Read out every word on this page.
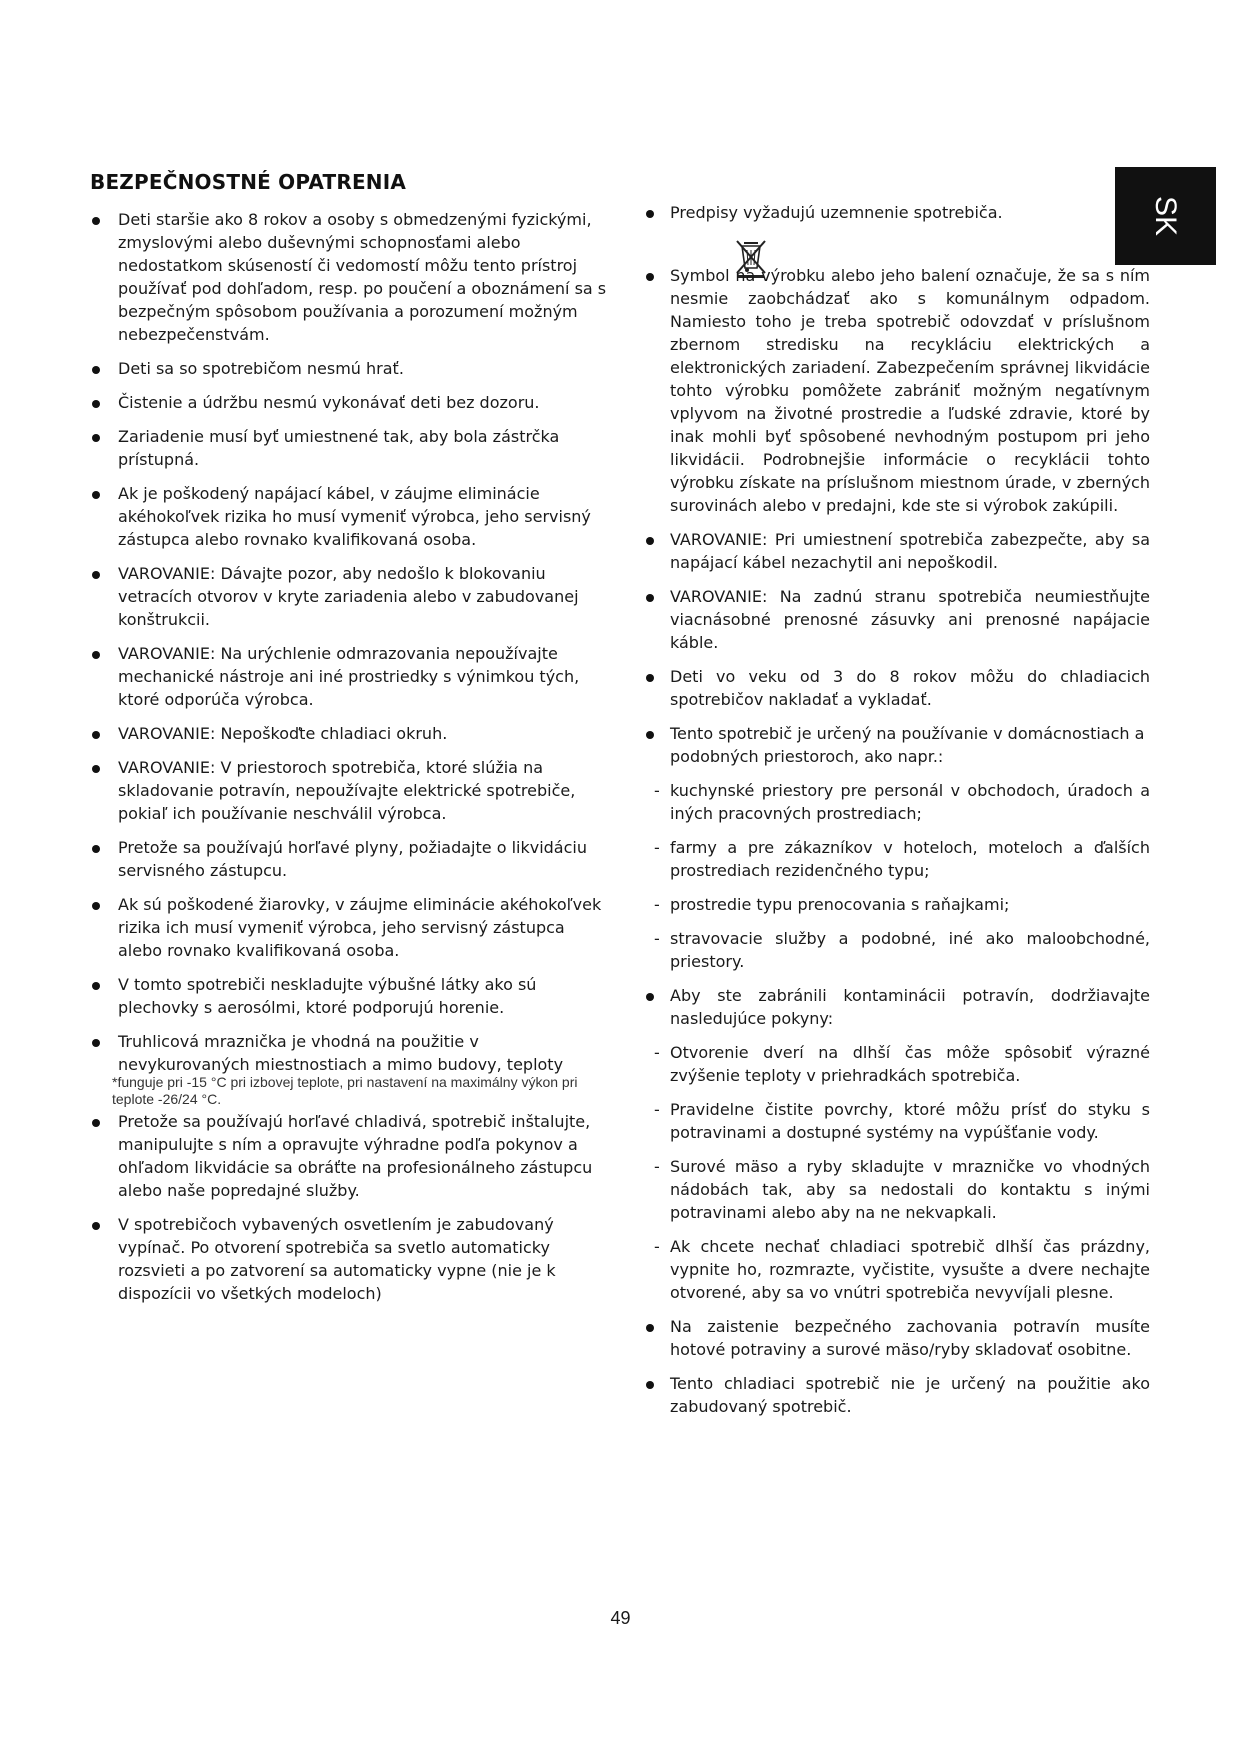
BEZPEČNOSTNÉ OPATRENIA
SK
Deti staršie ako 8 rokov a osoby s obmedzenými fyzickými, zmyslovými alebo duševnými schopnosťami alebo nedostatkom skúseností či vedomostí môžu tento prístroj používať pod dohľadom, resp. po poučení a oboznámení sa s bezpečným spôsobom používania a porozumení možným nebezpečenstvám.
Deti sa so spotrebičom nesmú hrať.
Čistenie a údržbu nesmú vykonávať deti bez dozoru.
Zariadenie musí byť umiestnené tak, aby bola zástrčka prístupná.
Ak je poškodený napájací kábel, v záujme eliminácie akéhokoľvek rizika ho musí vymeniť výrobca, jeho servisný zástupca alebo rovnako kvalifikovaná osoba.
VAROVANIE: Dávajte pozor, aby nedošlo k blokovaniu vetracích otvorov v kryte zariadenia alebo v zabudovanej konštrukcii.
VAROVANIE: Na urýchlenie odmrazovania nepoužívajte mechanické nástroje ani iné prostriedky s výnimkou tých, ktoré odporúča výrobca.
VAROVANIE: Nepoškoďte chladiaci okruh.
VAROVANIE: V priestoroch spotrebiča, ktoré slúžia na skladovanie potravín, nepoužívajte elektrické spotrebiče, pokiaľ ich používanie neschválil výrobca.
Pretože sa používajú horľavé plyny, požiadajte o likvidáciu servisného zástupcu.
Ak sú poškodené žiarovky, v záujme eliminácie akéhokoľvek rizika ich musí vymeniť výrobca, jeho servisný zástupca alebo rovnako kvalifikovaná osoba.
V tomto spotrebiči neskladujte výbušné látky ako sú plechovky s aerosólmi, ktoré podporujú horenie.
Truhlicová mraznička je vhodná na použitie v nevykurovaných miestnostiach a mimo budovy, teploty
*funguje pri -15 °C pri izbovej teplote, pri nastavení na maximálny výkon pri teplote -26/24 °C.
Pretože sa používajú horľavé chladivá, spotrebič inštalujte, manipulujte s ním a opravujte výhradne podľa pokynov a ohľadom likvidácie sa obráťte na profesionálneho zástupcu alebo naše popredajné služby.
V spotrebičoch vybavených osvetlením je zabudovaný vypínač. Po otvorení spotrebiča sa svetlo automaticky rozsvieti a po zatvorení sa automaticky vypne (nie je k dispozícii vo všetkých modeloch)
Predpisy vyžadujú uzemnenie spotrebiča.
Symbol na výrobku alebo jeho balení označuje, že sa s ním nesmie zaobchádzať ako s komunálnym odpadom. Namiesto toho je treba spotrebič odovzdať v príslušnom zbernom stredisku na recykláciu elektrických a elektronických zariadení. Zabezpečením správnej likvidácie tohto výrobku pomôžete zabrániť možným negatívnym vplyvom na životné prostredie a ľudské zdravie, ktoré by inak mohli byť spôsobené nevhodným postupom pri jeho likvidácii. Podrobnejšie informácie o recyklácii tohto výrobku získate na príslušnom miestnom úrade, v zberných surovinách alebo v predajni, kde ste si výrobok zakúpili.
VAROVANIE: Pri umiestnení spotrebiča zabezpečte, aby sa napájací kábel nezachytil ani nepoškodil.
VAROVANIE: Na zadnú stranu spotrebiča neumiestňujte viacnásobné prenosné zásuvky ani prenosné napájacie káble.
Deti vo veku od 3 do 8 rokov môžu do chladiacich spotrebičov nakladať a vykladať.
Tento spotrebič je určený na používanie v domácnostiach a podobných priestoroch, ako napr.:
- kuchynské priestory pre personál v obchodoch, úradoch a iných pracovných prostrediach;
- farmy a pre zákazníkov v hoteloch, moteloch a ďalších prostrediach rezidenčného typu;
- prostredie typu prenocovania s raňajkami;
- stravovacie služby a podobné, iné ako maloobchodné, priestory.
Aby ste zabránili kontaminácii potravín, dodržiavajte nasledujúce pokyny:
- Otvorenie dverí na dlhší čas môže spôsobiť výrazné zvýšenie teploty v priehradkách spotrebiča.
- Pravidelne čistite povrchy, ktoré môžu prísť do styku s potravinami a dostupné systémy na vypúšťanie vody.
- Surové mäso a ryby skladujte v mrazničke vo vhodných nádobách tak, aby sa nedostali do kontaktu s inými potravinami alebo aby na ne nekvapkali.
- Ak chcete nechať chladiaci spotrebič dlhší čas prázdny, vypnite ho, rozmrazte, vyčistite, vysušte a dvere nechajte otvorené, aby sa vo vnútri spotrebiča nevyvíjali plesne.
Na zaistenie bezpečného zachovania potravín musíte hotové potraviny a surové mäso/ryby skladovať osobitne.
Tento chladiaci spotrebič nie je určený na použitie ako zabudovaný spotrebič.
49
